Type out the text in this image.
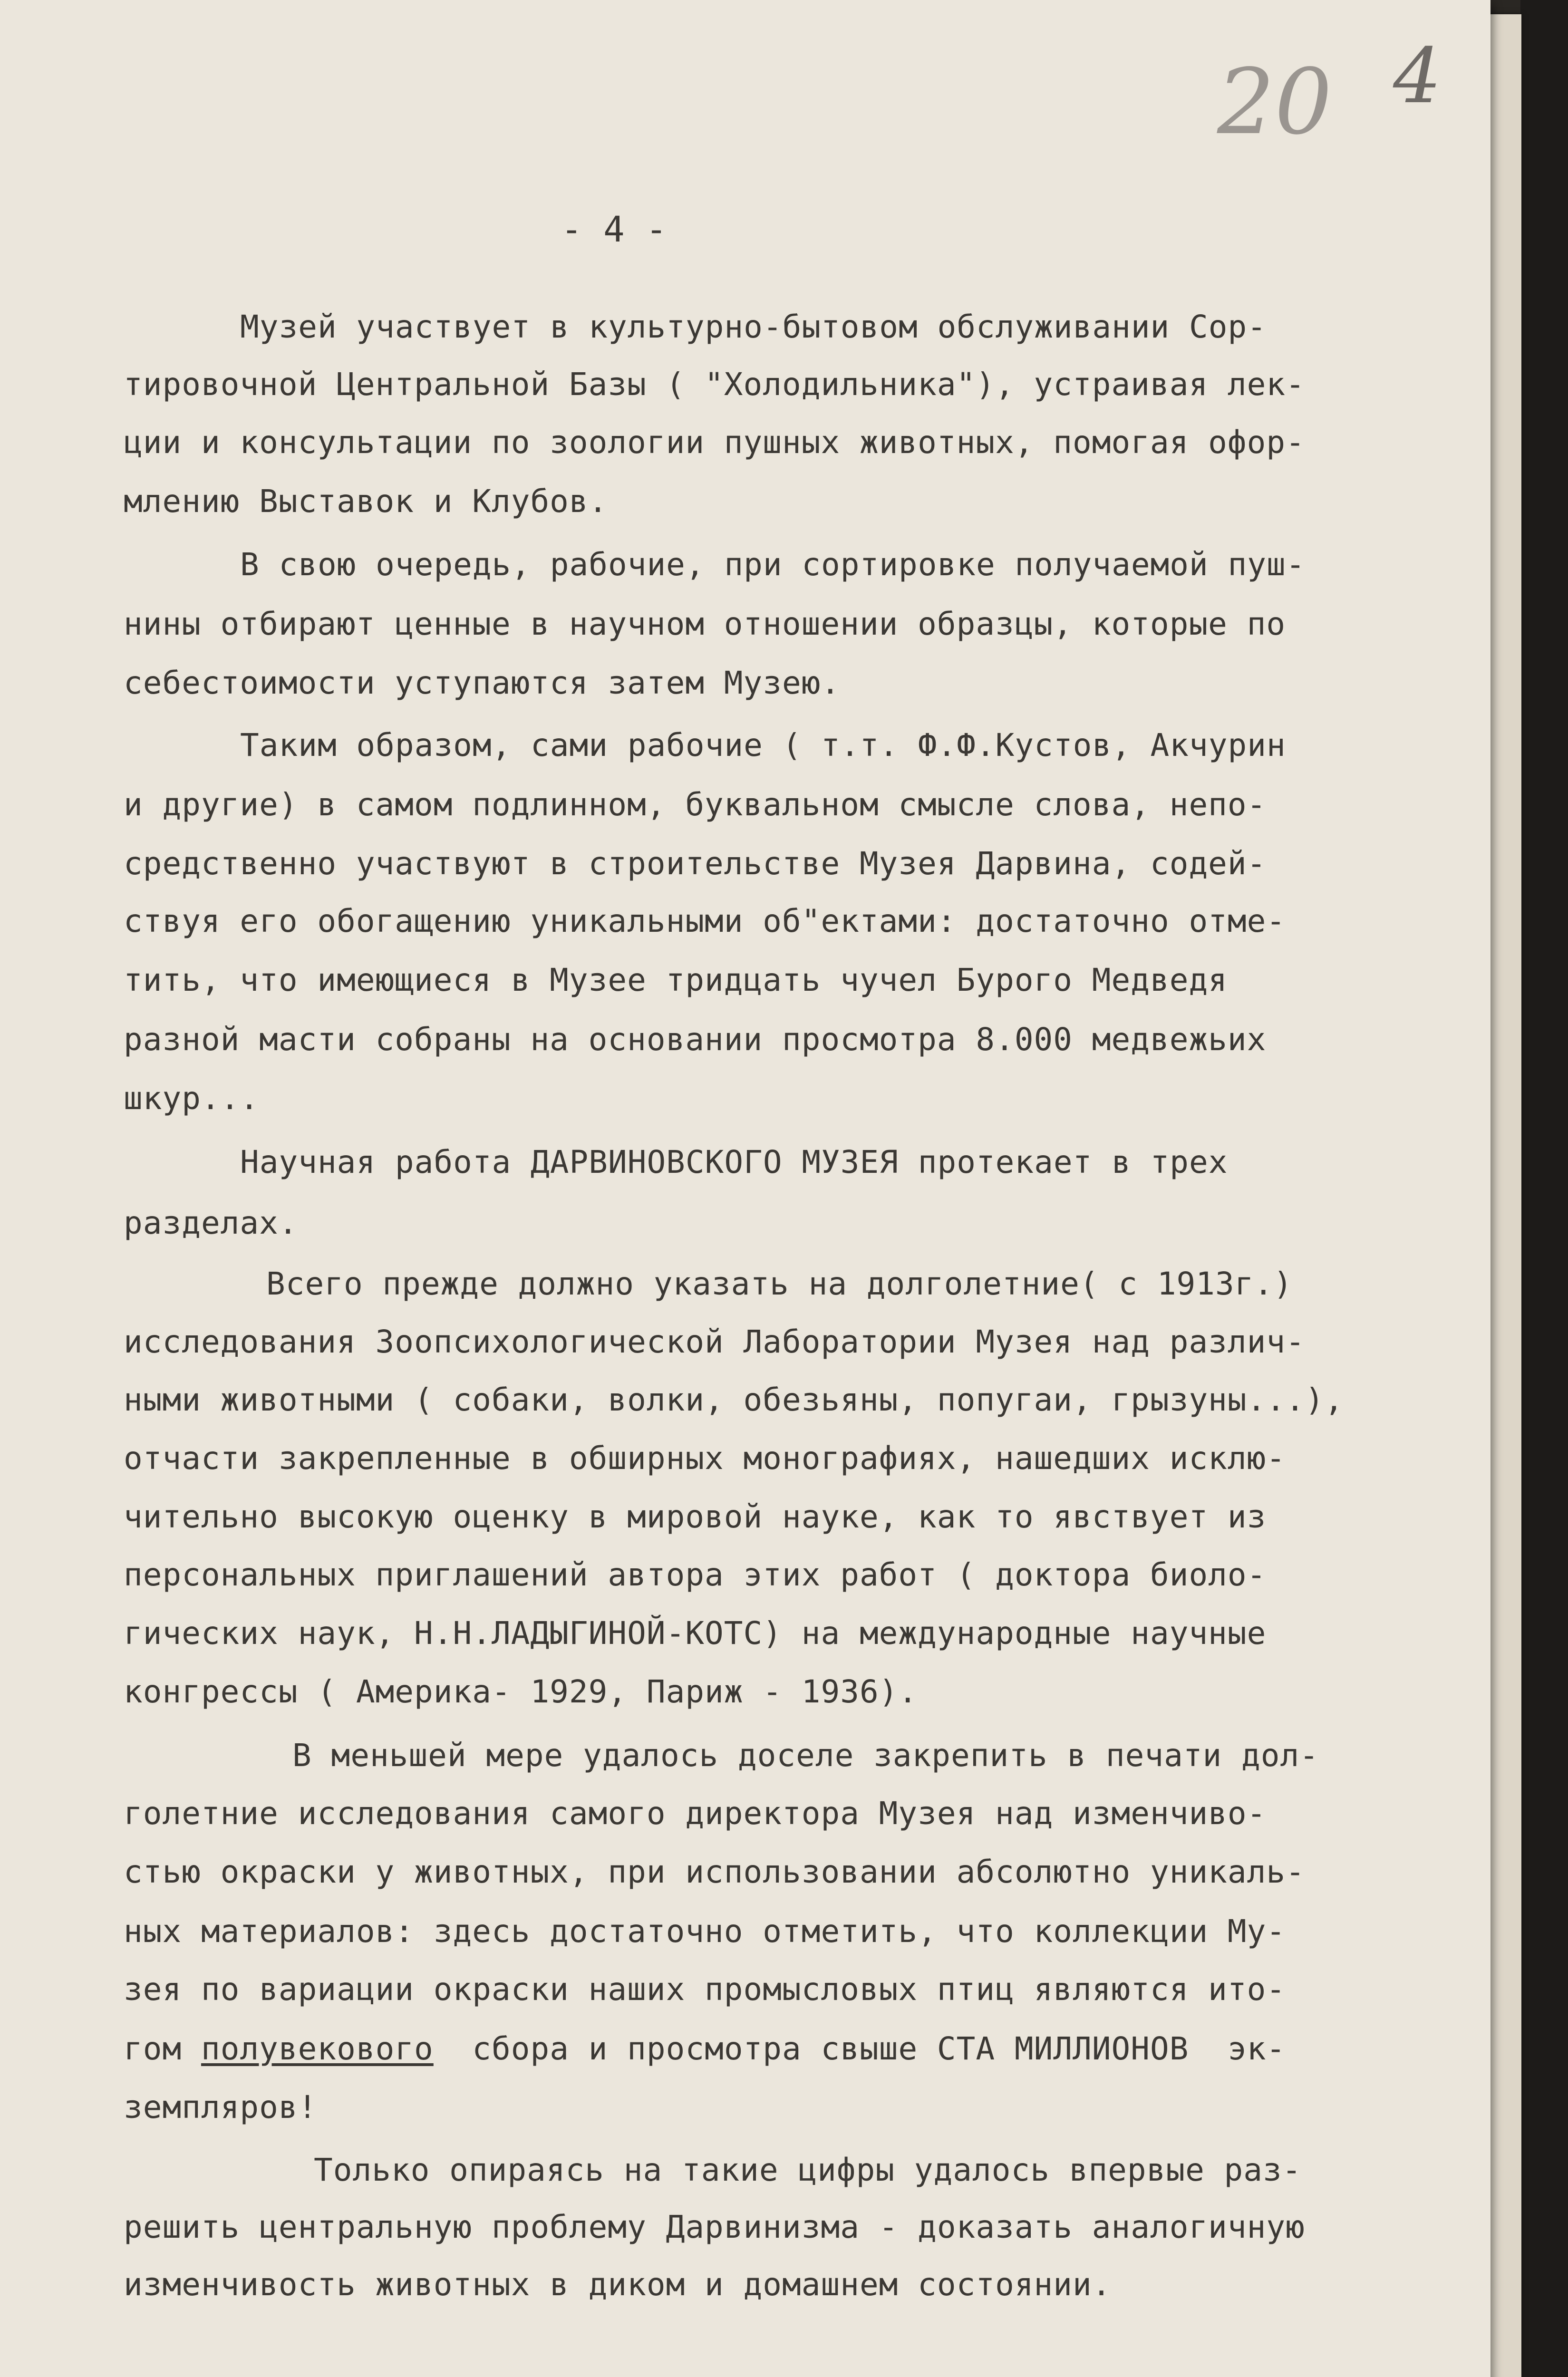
20 4
- 4 -
Музей участвует в культурно-бытовом обслуживании Сор-
тировочной Центральной Базы ( "Холодильника"), устраивая лек-
ции и консультации по зоологии пушных животных, помогая офор-
млению Выставок и Клубов.
В свою очередь, рабочие, при сортировке получаемой пуш-
нины отбирают ценные в научном отношении образцы, которые по
себестоимости уступаются затем Музею.
Таким образом, сами рабочие ( т.т. Ф.Ф.Кустов, Акчурин
и другие) в самом подлинном, буквальном смысле слова, непо-
средственно участвуют в строительстве Музея Дарвина, содей-
ствуя его обогащению уникальными об"ектами: достаточно отме-
тить, что имеющиеся в Музее тридцать чучел Бурого Медведя
разной масти собраны на основании просмотра 8.000 медвежьих
шкур...
Научная работа ДАРВИНОВСКОГО МУЗЕЯ протекает в трех
разделах.
Всего прежде должно указать на долголетние( с 1913г.)
исследования Зоопсихологической Лаборатории Музея над различ-
ными животными ( собаки, волки, обезьяны, попугаи, грызуны...),
отчасти закрепленные в обширных монографиях, нашедших исклю-
чительно высокую оценку в мировой науке, как то явствует из
персональных приглашений автора этих работ ( доктора биоло-
гических наук, Н.Н.ЛАДЫГИНОЙ-КОТС) на международные научные
конгрессы ( Америка- 1929, Париж - 1936).
В меньшей мере удалось доселе закрепить в печати дол-
голетние исследования самого директора Музея над изменчиво-
стью окраски у животных, при использовании абсолютно уникаль-
ных материалов: здесь достаточно отметить, что коллекции Му-
зея по вариации окраски наших промысловых птиц являются ито-
гом полувекового сбора и просмотра свыше СТА МИЛЛИОНОВ  эк-
земпляров!
Только опираясь на такие цифры удалось впервые раз-
решить центральную проблему Дарвинизма - доказать аналогичную
изменчивость животных в диком и домашнем состоянии.
